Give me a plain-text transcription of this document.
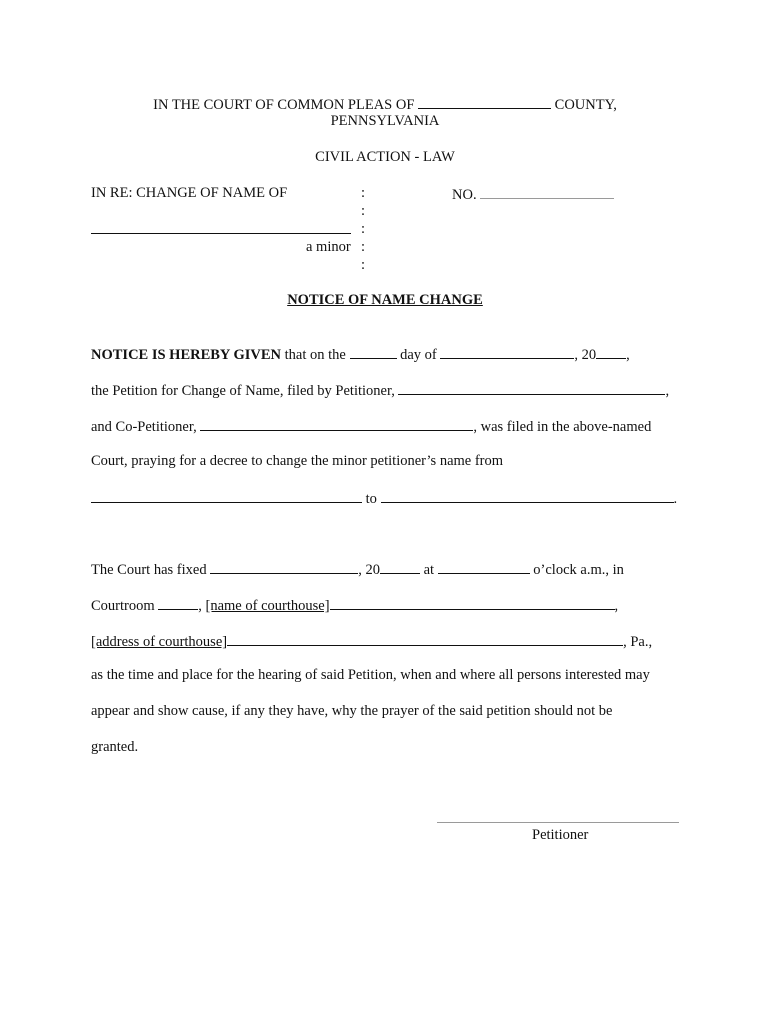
IN THE COURT OF COMMON PLEAS OF	COUNTY,
PENNSYLVANIA
CIVIL ACTION - LAW
IN RE: CHANGE OF NAME OF	:
:
:
:
:
NO.
a minor
NOTICE OF NAME CHANGE
NOTICE IS HEREBY GIVEN that on the	day of	, 20 ,
the Petition for Change of Name, filed by Petitioner,	,
and Co-Petitioner,	, was filed in the above-named
Court, praying for a decree to change the minor petitioner’s name from
to	.
The Court has fixed	, 20	at	o’clock a.m., in
Courtroom	, [name of courthouse]	,
[address of courthouse]	, Pa.,
as the time and place for the hearing of said Petition, when and where all persons interested may
appear and show cause, if any they have, why the prayer of the said petition should not be
granted.
Petitioner
